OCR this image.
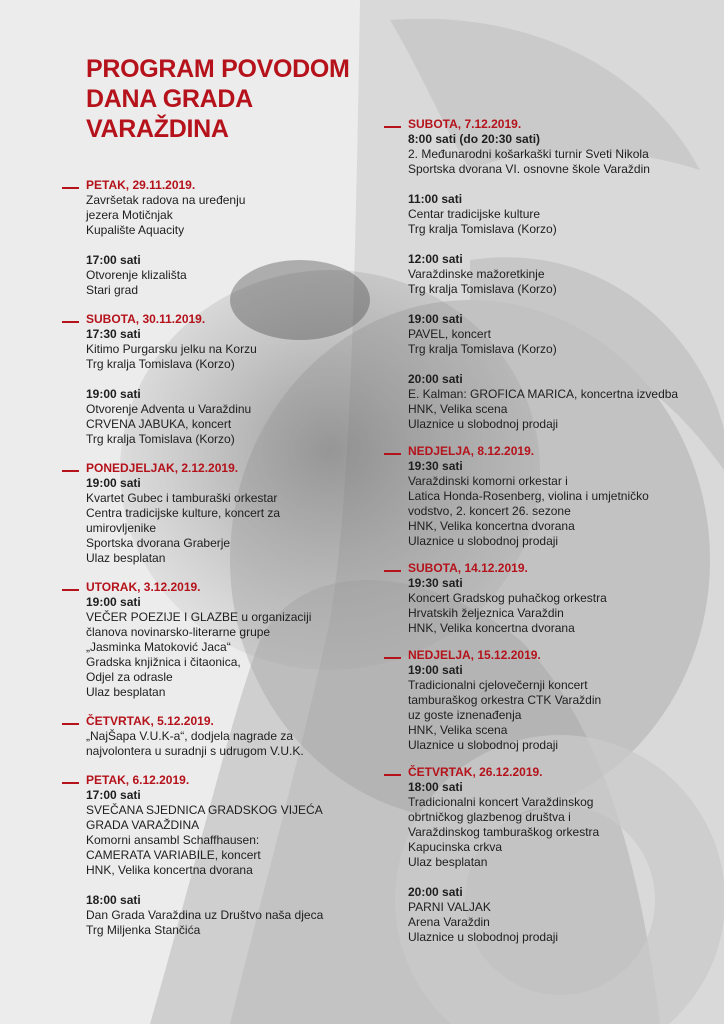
PROGRAM POVODOM
DANA GRADA
VARAŽDINA
PETAK, 29.11.2019.
Završetak radova na uređenju
jezera Motičnjak
Kupalište Aquacity
17:00 sati
Otvorenje klizališta
Stari grad
SUBOTA, 30.11.2019.
17:30 sati
Kitimo Purgarsku jelku na Korzu
Trg kralja Tomislava (Korzo)
19:00 sati
Otvorenje Adventa u Varaždinu
CRVENA JABUKA, koncert
Trg kralja Tomislava (Korzo)
PONEDJELJAK, 2.12.2019.
19:00 sati
Kvartet Gubec i tamburaški orkestar
Centra tradicijske kulture, koncert za
umirovljenike
Sportska dvorana Graberje
Ulaz besplatan
UTORAK, 3.12.2019.
19:00 sati
VEČER POEZIJE I GLAZBE u organizaciji
članova novinarsko-literarne grupe
„Jasminka Matoković Jaca“
Gradska knjižnica i čitaonica,
Odjel za odrasle
Ulaz besplatan
ČETVRTAK, 5.12.2019.
„NajŠapa V.U.K-a“, dodjela nagrade za
najvolontera u suradnji s udrugom V.U.K.
PETAK, 6.12.2019.
17:00 sati
SVEČANA SJEDNICA GRADSKOG VIJEĆA
GRADA VARAŽDINA
Komorni ansambl Schaffhausen:
CAMERATA VARIABILE, koncert
HNK, Velika koncertna dvorana
18:00 sati
Dan Grada Varaždina uz Društvo naša djeca
Trg Miljenka Stančića
SUBOTA, 7.12.2019.
8:00 sati (do 20:30 sati)
2. Međunarodni košarkaški turnir Sveti Nikola
Sportska dvorana VI. osnovne škole Varaždin
11:00 sati
Centar tradicijske kulture
Trg kralja Tomislava (Korzo)
12:00 sati
Varaždinske mažoretkinje
Trg kralja Tomislava (Korzo)
19:00 sati
PAVEL, koncert
Trg kralja Tomislava (Korzo)
20:00 sati
E. Kalman: GROFICA MARICA, koncertna izvedba
HNK, Velika scena
Ulaznice u slobodnoj prodaji
NEDJELJA, 8.12.2019.
19:30 sati
Varaždinski komorni orkestar i
Latica Honda-Rosenberg, violina i umjetničko
vodstvo, 2. koncert 26. sezone
HNK, Velika koncertna dvorana
Ulaznice u slobodnoj prodaji
SUBOTA, 14.12.2019.
19:30 sati
Koncert Gradskog puhačkog orkestra
Hrvatskih željeznica Varaždin
HNK, Velika koncertna dvorana
NEDJELJA, 15.12.2019.
19:00 sati
Tradicionalni cjelovečernji koncert
tamburaškog orkestra CTK Varaždin
uz goste iznenađenja
HNK, Velika scena
Ulaznice u slobodnoj prodaji
ČETVRTAK, 26.12.2019.
18:00 sati
Tradicionalni koncert Varaždinskog
obrtničkog glazbenog društva i
Varaždinskog tamburaškog orkestra
Kapucinska crkva
Ulaz besplatan
20:00 sati
PARNI VALJAK
Arena Varaždin
Ulaznice u slobodnoj prodaji
